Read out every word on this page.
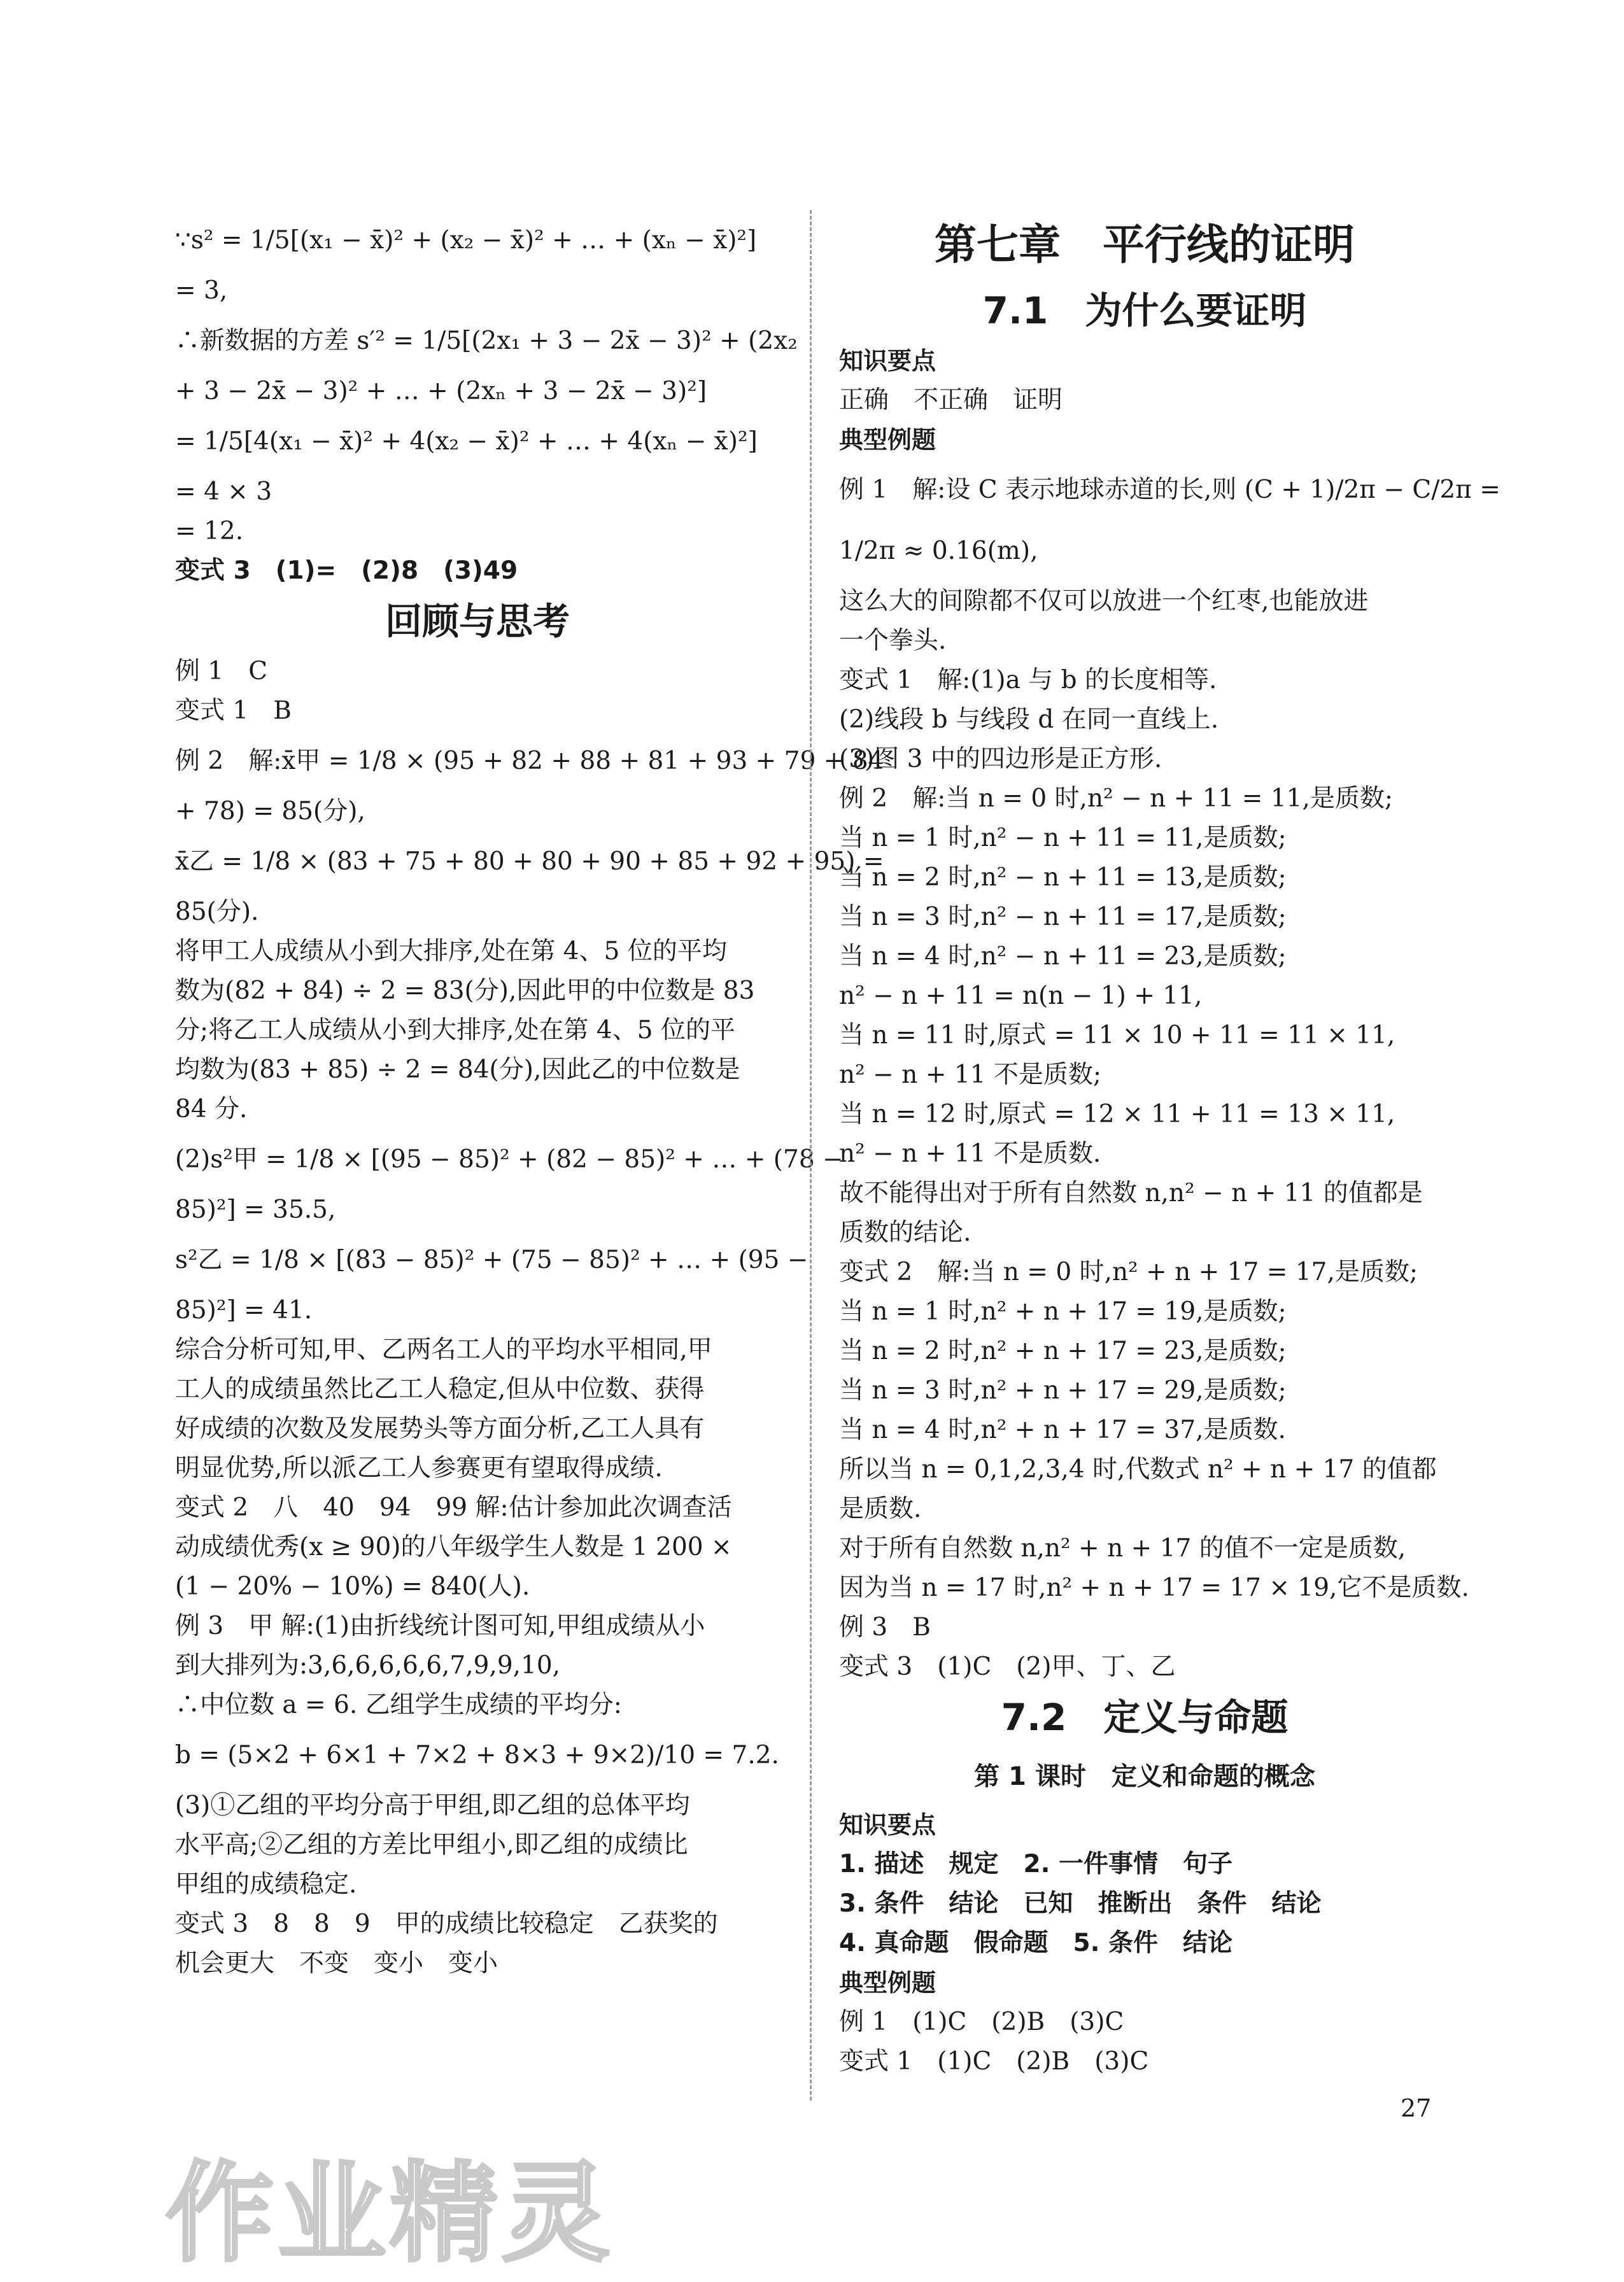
∵s² = 1/5[(x₁ − x̄)² + (x₂ − x̄)² + … + (xₙ − x̄)²]
= 3,
∴新数据的方差 s′² = 1/5[(2x₁ + 3 − 2x̄ − 3)² + (2x₂
+ 3 − 2x̄ − 3)² + … + (2xₙ + 3 − 2x̄ − 3)²]
= 1/5[4(x₁ − x̄)² + 4(x₂ − x̄)² + … + 4(xₙ − x̄)²]
= 4 × 3
= 12.
变式 3　(1)=　(2)8　(3)49
回顾与思考
例 1　C
变式 1　B
例 2　解:x̄甲 = 1/8 × (95 + 82 + 88 + 81 + 93 + 79 + 84
+ 78) = 85(分),
x̄乙 = 1/8 × (83 + 75 + 80 + 80 + 90 + 85 + 92 + 95) =
85(分).
将甲工人成绩从小到大排序,处在第 4、5 位的平均
数为(82 + 84) ÷ 2 = 83(分),因此甲的中位数是 83
分;将乙工人成绩从小到大排序,处在第 4、5 位的平
均数为(83 + 85) ÷ 2 = 84(分),因此乙的中位数是
84 分.
(2)s²甲 = 1/8 × [(95 − 85)² + (82 − 85)² + … + (78 −
85)²] = 35.5,
s²乙 = 1/8 × [(83 − 85)² + (75 − 85)² + … + (95 −
85)²] = 41.
综合分析可知,甲、乙两名工人的平均水平相同,甲
工人的成绩虽然比乙工人稳定,但从中位数、获得
好成绩的次数及发展势头等方面分析,乙工人具有
明显优势,所以派乙工人参赛更有望取得成绩.
变式 2　八　40　94　99 解:估计参加此次调查活
动成绩优秀(x ≥ 90)的八年级学生人数是 1 200 ×
(1 − 20% − 10%) = 840(人).
例 3　甲 解:(1)由折线统计图可知,甲组成绩从小
到大排列为:3,6,6,6,6,6,7,9,9,10,
∴中位数 a = 6. 乙组学生成绩的平均分:
b = (5×2 + 6×1 + 7×2 + 8×3 + 9×2)/10 = 7.2.
(3)①乙组的平均分高于甲组,即乙组的总体平均
水平高;②乙组的方差比甲组小,即乙组的成绩比
甲组的成绩稳定.
变式 3　8　8　9　甲的成绩比较稳定　乙获奖的
机会更大　不变　变小　变小
第七章　平行线的证明
7.1　为什么要证明
知识要点
正确　不正确　证明
典型例题
例 1　解:设 C 表示地球赤道的长,则 (C + 1)/2π − C/2π =
1/2π ≈ 0.16(m),
这么大的间隙都不仅可以放进一个红枣,也能放进
一个拳头.
变式 1　解:(1)a 与 b 的长度相等.
(2)线段 b 与线段 d 在同一直线上.
(3)图 3 中的四边形是正方形.
例 2　解:当 n = 0 时,n² − n + 11 = 11,是质数;
当 n = 1 时,n² − n + 11 = 11,是质数;
当 n = 2 时,n² − n + 11 = 13,是质数;
当 n = 3 时,n² − n + 11 = 17,是质数;
当 n = 4 时,n² − n + 11 = 23,是质数;
n² − n + 11 = n(n − 1) + 11,
当 n = 11 时,原式 = 11 × 10 + 11 = 11 × 11,
n² − n + 11 不是质数;
当 n = 12 时,原式 = 12 × 11 + 11 = 13 × 11,
n² − n + 11 不是质数.
故不能得出对于所有自然数 n,n² − n + 11 的值都是
质数的结论.
变式 2　解:当 n = 0 时,n² + n + 17 = 17,是质数;
当 n = 1 时,n² + n + 17 = 19,是质数;
当 n = 2 时,n² + n + 17 = 23,是质数;
当 n = 3 时,n² + n + 17 = 29,是质数;
当 n = 4 时,n² + n + 17 = 37,是质数.
所以当 n = 0,1,2,3,4 时,代数式 n² + n + 17 的值都
是质数.
对于所有自然数 n,n² + n + 17 的值不一定是质数,
因为当 n = 17 时,n² + n + 17 = 17 × 19,它不是质数.
例 3　B
变式 3　(1)C　(2)甲、丁、乙
7.2　定义与命题
第 1 课时　定义和命题的概念
知识要点
1. 描述　规定　2. 一件事情　句子
3. 条件　结论　已知　推断出　条件　结论
4. 真命题　假命题　5. 条件　结论
典型例题
例 1　(1)C　(2)B　(3)C
变式 1　(1)C　(2)B　(3)C
27
作业精灵
